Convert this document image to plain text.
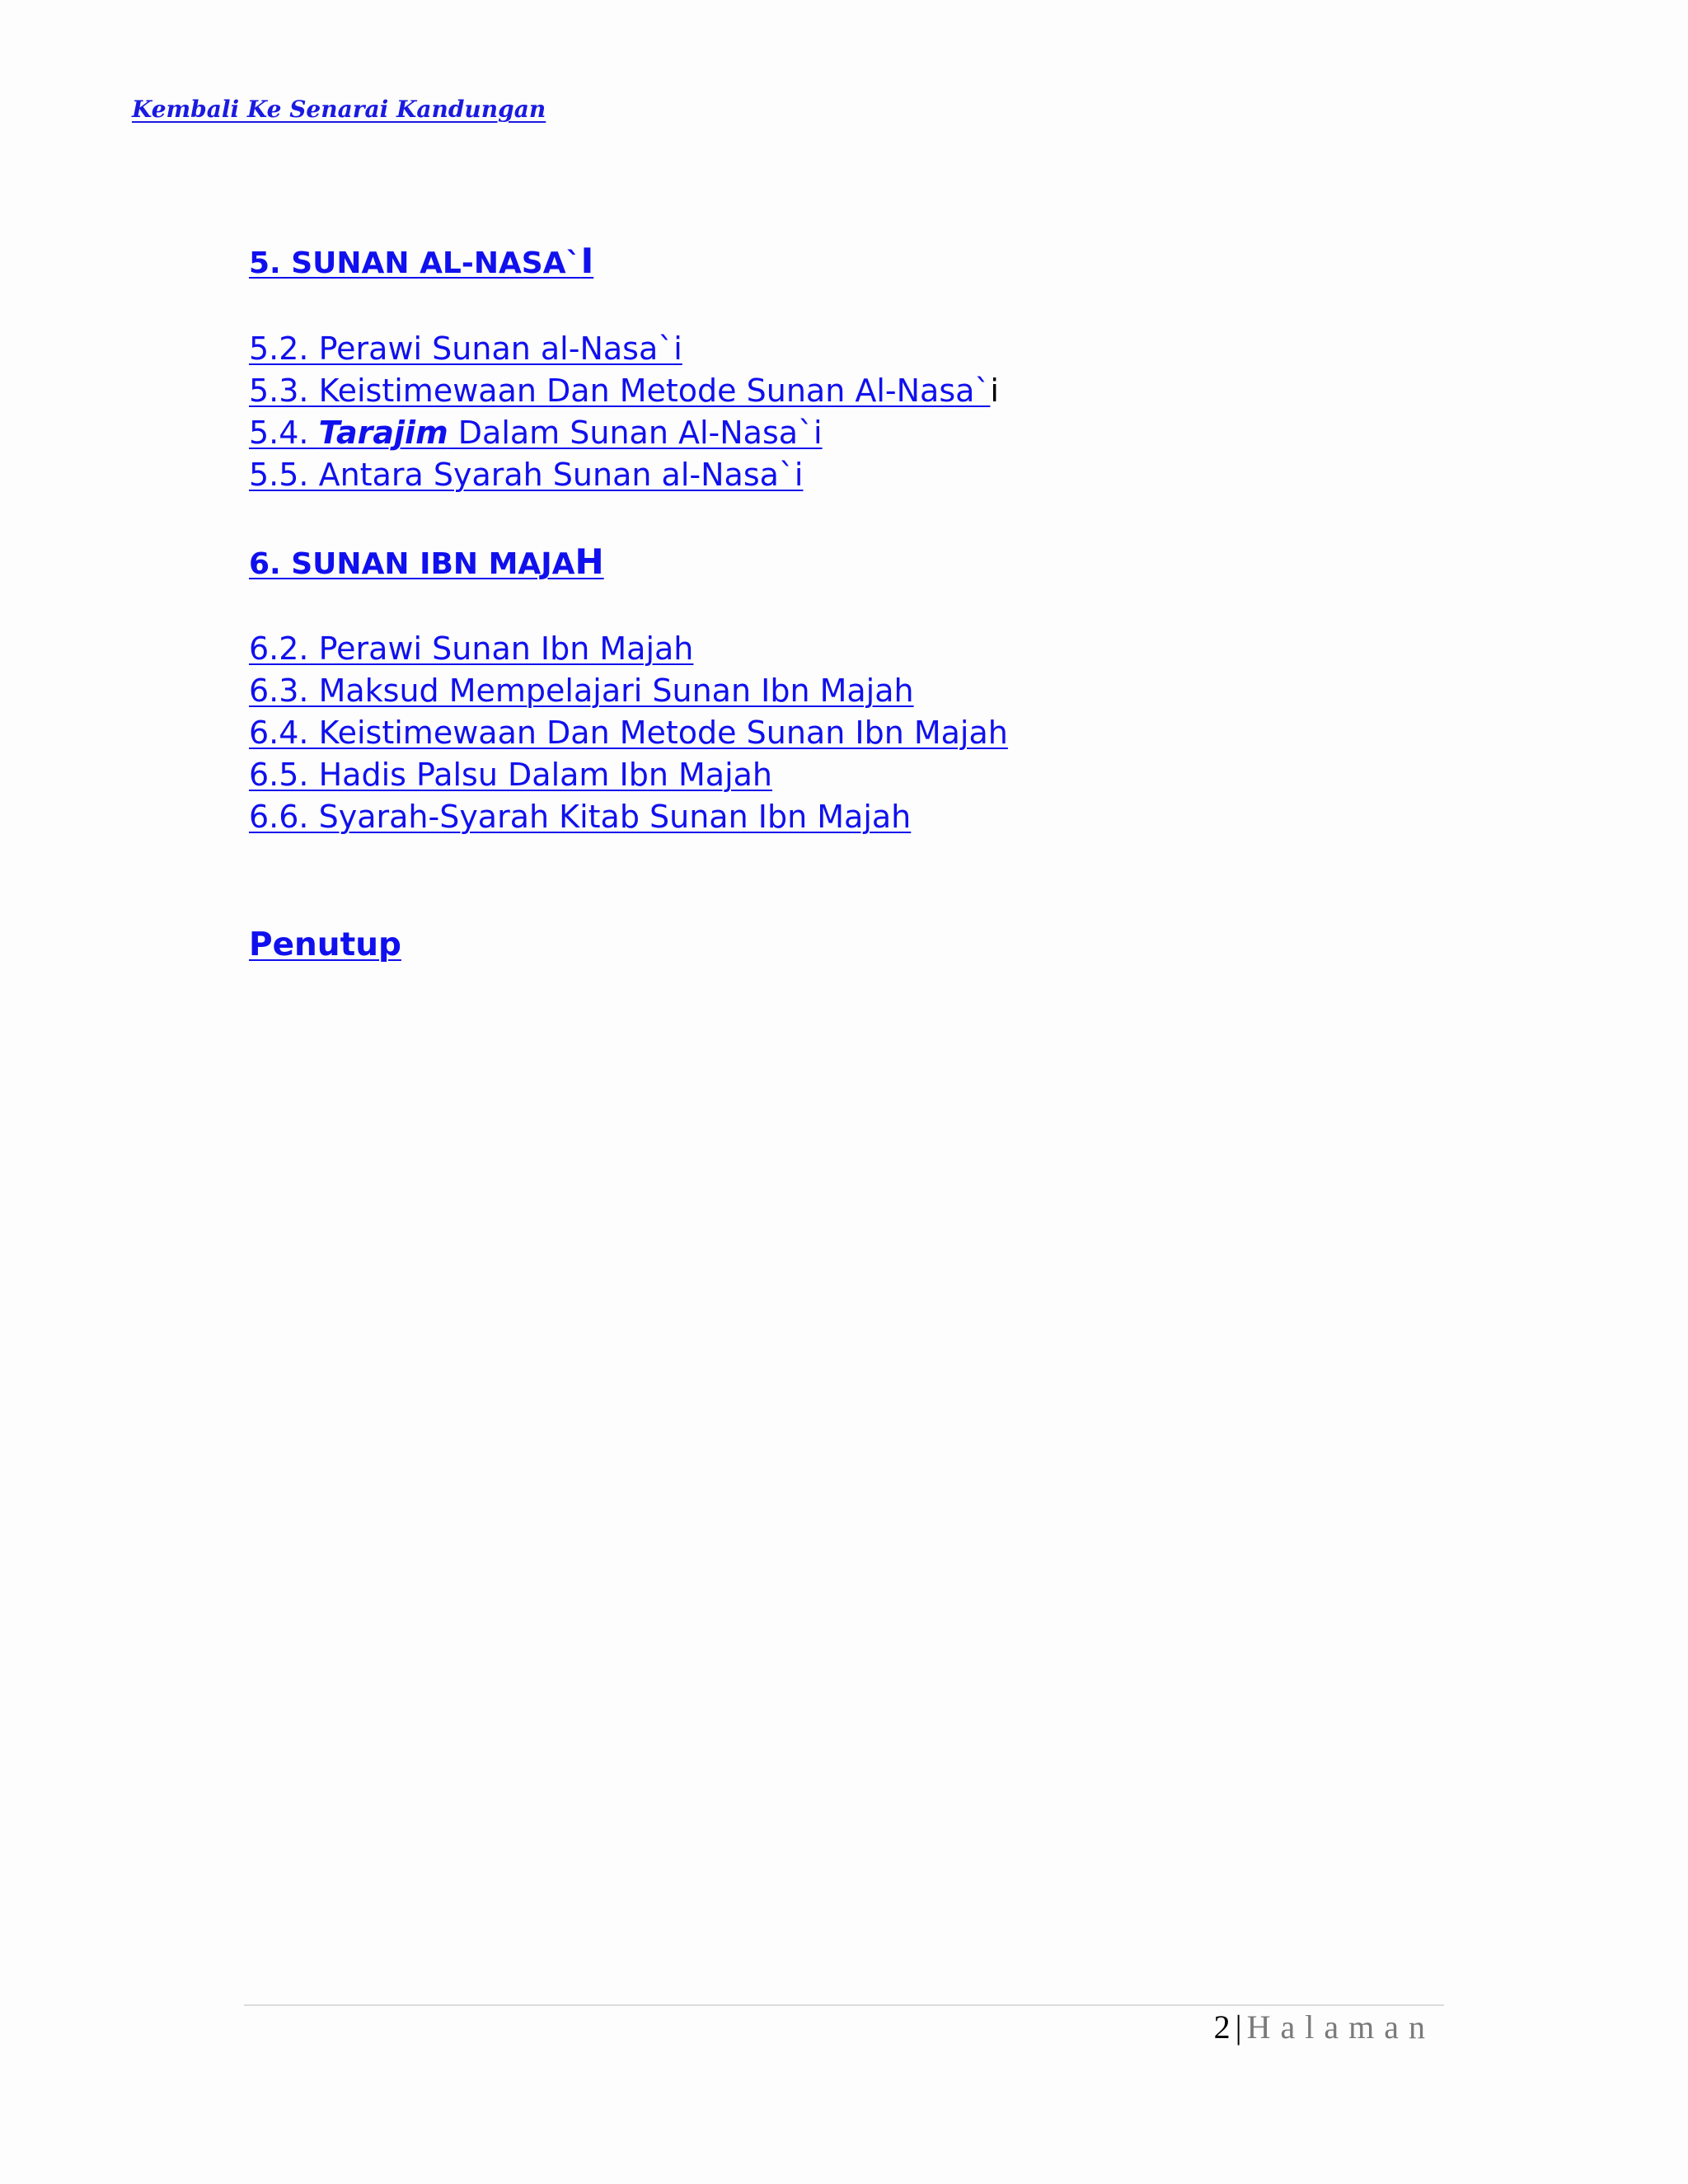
Kembali Ke Senarai Kandungan
5. SUNAN AL-NASA`I
5.2. Perawi Sunan al-Nasa`i
5.3. Keistimewaan Dan Metode Sunan Al-Nasa`i
5.4. Tarajim Dalam Sunan Al-Nasa`i
5.5. Antara Syarah Sunan al-Nasa`i
6. SUNAN IBN MAJAH
6.2. Perawi Sunan Ibn Majah
6.3. Maksud Mempelajari Sunan Ibn Majah
6.4. Keistimewaan Dan Metode Sunan Ibn Majah
6.5. Hadis Palsu Dalam Ibn Majah
6.6. Syarah-Syarah Kitab Sunan Ibn Majah
Penutup
2 | Halaman
